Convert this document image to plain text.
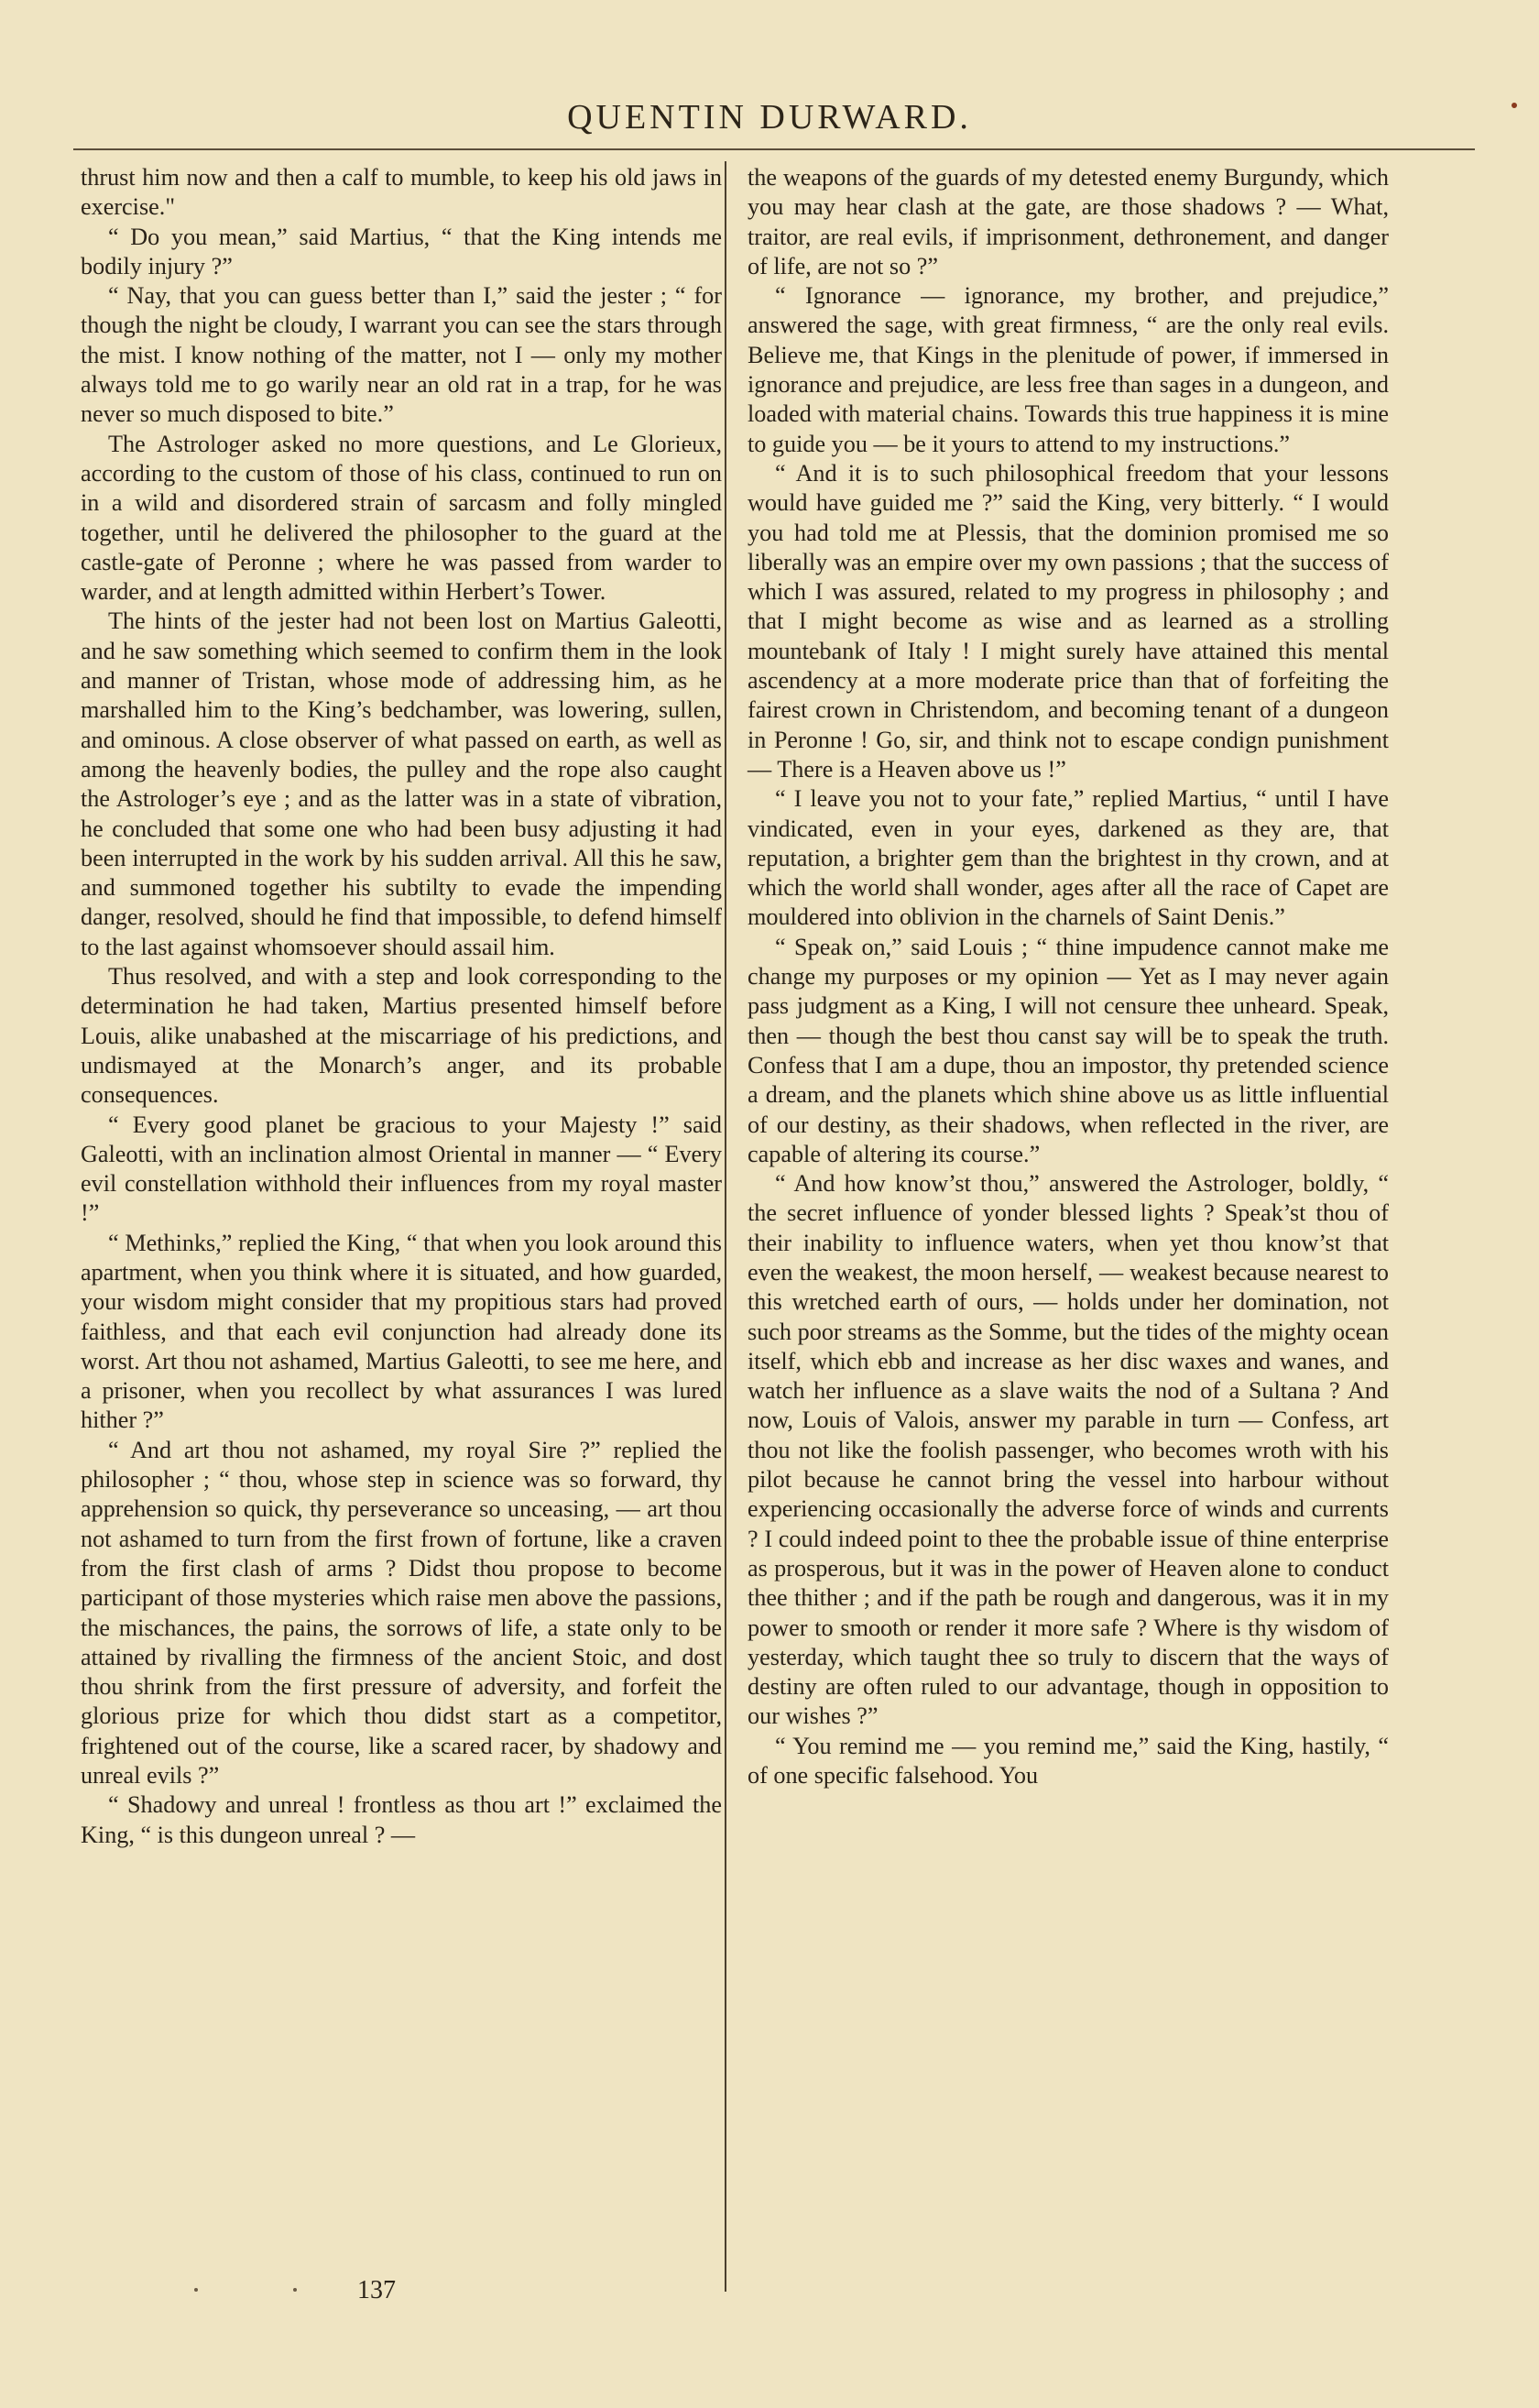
QUENTIN DURWARD.

thrust him now and then a calf to mumble, to keep his old jaws in exercise."

“ Do you mean,” said Martius, “ that the King intends me bodily injury ?”

“ Nay, that you can guess better than I,” said the jester ; “ for though the night be cloudy, I warrant you can see the stars through the mist. I know nothing of the matter, not I — only my mother always told me to go warily near an old rat in a trap, for he was never so much disposed to bite.”

The Astrologer asked no more questions, and Le Glorieux, according to the custom of those of his class, continued to run on in a wild and disordered strain of sarcasm and folly mingled together, until he delivered the philosopher to the guard at the castle-gate of Peronne ; where he was passed from warder to warder, and at length admitted within Herbert’s Tower.

The hints of the jester had not been lost on Martius Galeotti, and he saw something which seemed to confirm them in the look and manner of Tristan, whose mode of addressing him, as he marshalled him to the King’s bedchamber, was lowering, sullen, and ominous. A close observer of what passed on earth, as well as among the heavenly bodies, the pulley and the rope also caught the Astrologer’s eye ; and as the latter was in a state of vibration, he concluded that some one who had been busy adjusting it had been interrupted in the work by his sudden arrival. All this he saw, and summoned together his subtilty to evade the impending danger, resolved, should he find that impossible, to defend himself to the last against whomsoever should assail him.

Thus resolved, and with a step and look corresponding to the determination he had taken, Martius presented himself before Louis, alike unabashed at the miscarriage of his predictions, and undismayed at the Monarch’s anger, and its probable consequences.

“ Every good planet be gracious to your Majesty !” said Galeotti, with an inclination almost Oriental in manner — “ Every evil constellation withhold their influences from my royal master !”

“ Methinks,” replied the King, “ that when you look around this apartment, when you think where it is situated, and how guarded, your wisdom might consider that my propitious stars had proved faithless, and that each evil conjunction had already done its worst. Art thou not ashamed, Martius Galeotti, to see me here, and a prisoner, when you recollect by what assurances I was lured hither ?”

“ And art thou not ashamed, my royal Sire ?” replied the philosopher ; “ thou, whose step in science was so forward, thy apprehension so quick, thy perseverance so unceasing, — art thou not ashamed to turn from the first frown of fortune, like a craven from the first clash of arms ? Didst thou propose to become participant of those mysteries which raise men above the passions, the mischances, the pains, the sorrows of life, a state only to be attained by rivalling the firmness of the ancient Stoic, and dost thou shrink from the first pressure of adversity, and forfeit the glorious prize for which thou didst start as a competitor, frightened out of the course, like a scared racer, by shadowy and unreal evils ?”

“ Shadowy and unreal ! frontless as thou art !” exclaimed the King, “ is this dungeon unreal ? —

the weapons of the guards of my detested enemy Burgundy, which you may hear clash at the gate, are those shadows ? — What, traitor, are real evils, if imprisonment, dethronement, and danger of life, are not so ?”

“ Ignorance — ignorance, my brother, and prejudice,” answered the sage, with great firmness, “ are the only real evils. Believe me, that Kings in the plenitude of power, if immersed in ignorance and prejudice, are less free than sages in a dungeon, and loaded with material chains. Towards this true happiness it is mine to guide you — be it yours to attend to my instructions.”

“ And it is to such philosophical freedom that your lessons would have guided me ?” said the King, very bitterly. “ I would you had told me at Plessis, that the dominion promised me so liberally was an empire over my own passions ; that the success of which I was assured, related to my progress in philosophy ; and that I might become as wise and as learned as a strolling mountebank of Italy ! I might surely have attained this mental ascendency at a more moderate price than that of forfeiting the fairest crown in Christendom, and becoming tenant of a dungeon in Peronne ! Go, sir, and think not to escape condign punishment — There is a Heaven above us !”

“ I leave you not to your fate,” replied Martius, “ until I have vindicated, even in your eyes, darkened as they are, that reputation, a brighter gem than the brightest in thy crown, and at which the world shall wonder, ages after all the race of Capet are mouldered into oblivion in the charnels of Saint Denis.”

“ Speak on,” said Louis ; “ thine impudence cannot make me change my purposes or my opinion — Yet as I may never again pass judgment as a King, I will not censure thee unheard. Speak, then — though the best thou canst say will be to speak the truth. Confess that I am a dupe, thou an impostor, thy pretended science a dream, and the planets which shine above us as little influential of our destiny, as their shadows, when reflected in the river, are capable of altering its course.”

“ And how know’st thou,” answered the Astrologer, boldly, “ the secret influence of yonder blessed lights ? Speak’st thou of their inability to influence waters, when yet thou know’st that even the weakest, the moon herself, — weakest because nearest to this wretched earth of ours, — holds under her domination, not such poor streams as the Somme, but the tides of the mighty ocean itself, which ebb and increase as her disc waxes and wanes, and watch her influence as a slave waits the nod of a Sultana ? And now, Louis of Valois, answer my parable in turn — Confess, art thou not like the foolish passenger, who becomes wroth with his pilot because he cannot bring the vessel into harbour without experiencing occasionally the adverse force of winds and currents ? I could indeed point to thee the probable issue of thine enterprise as prosperous, but it was in the power of Heaven alone to conduct thee thither ; and if the path be rough and dangerous, was it in my power to smooth or render it more safe ? Where is thy wisdom of yesterday, which taught thee so truly to discern that the ways of destiny are often ruled to our advantage, though in opposition to our wishes ?”

“ You remind me — you remind me,” said the King, hastily, “ of one specific falsehood. You

137
